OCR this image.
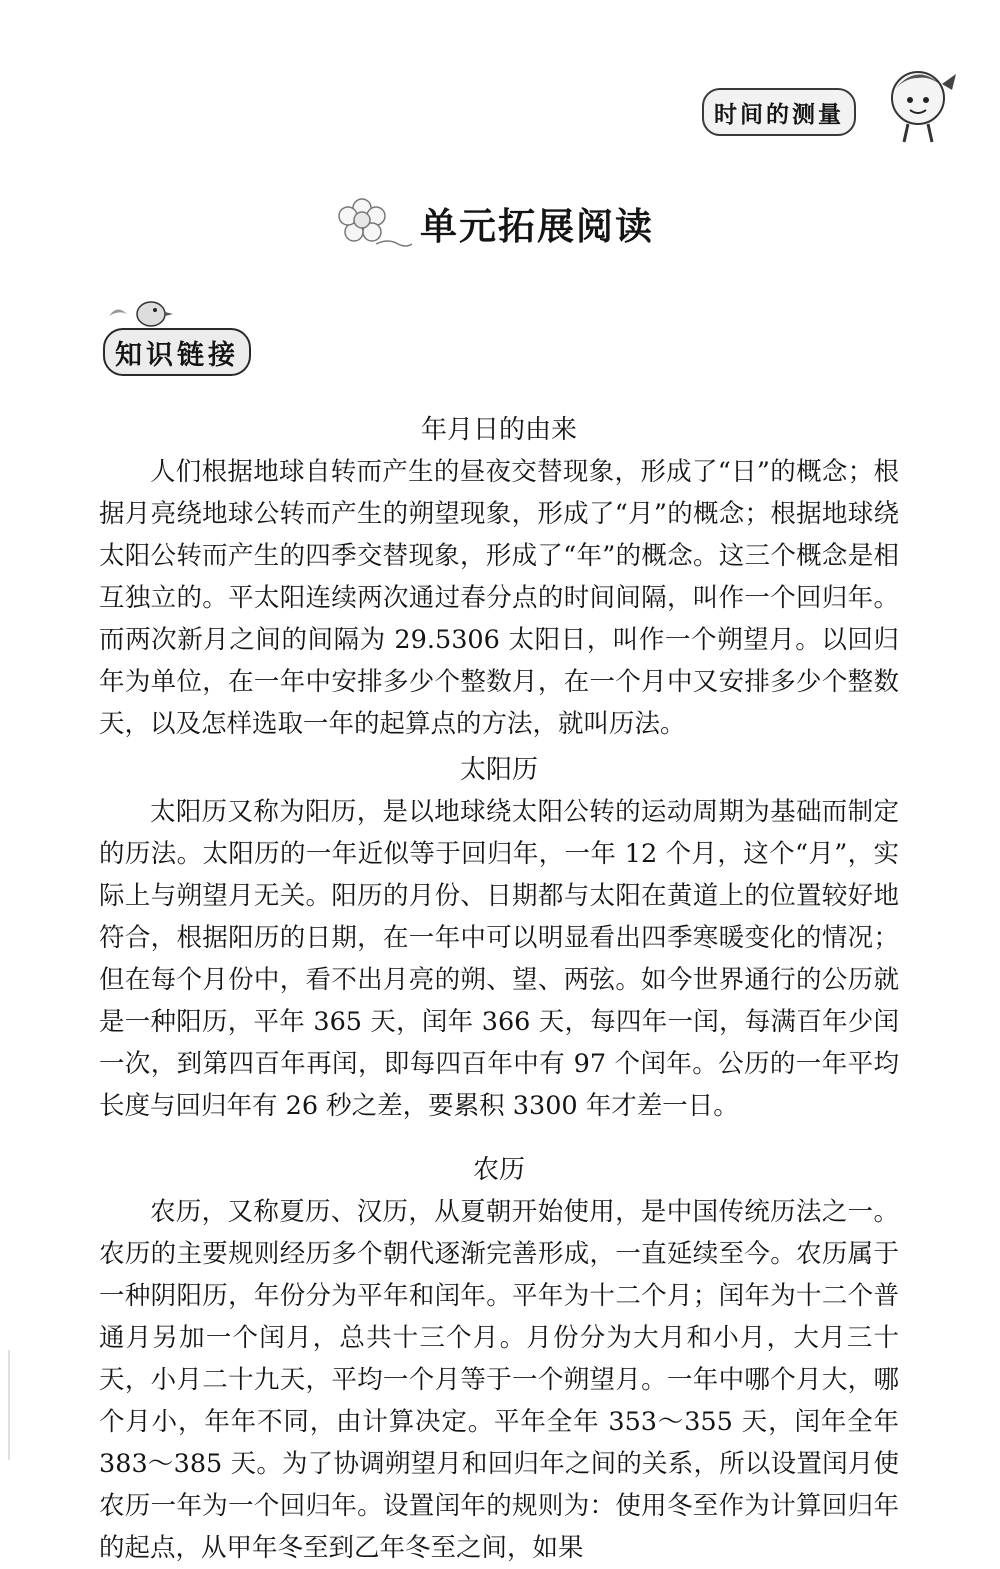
时间的测量
单元拓展阅读
知识链接
年月日的由来

人们根据地球自转而产生的昼夜交替现象，形成了“日”的概念；根据月亮绕地球公转而产生的朔望现象，形成了“月”的概念；根据地球绕太阳公转而产生的四季交替现象，形成了“年”的概念。这三个概念是相互独立的。平太阳连续两次通过春分点的时间间隔，叫作一个回归年。而两次新月之间的间隔为 29.5306 太阳日，叫作一个朔望月。以回归年为单位，在一年中安排多少个整数月，在一个月中又安排多少个整数天，以及怎样选取一年的起算点的方法，就叫历法。

太阳历

太阳历又称为阳历，是以地球绕太阳公转的运动周期为基础而制定的历法。太阳历的一年近似等于回归年，一年 12 个月，这个“月”，实际上与朔望月无关。阳历的月份、日期都与太阳在黄道上的位置较好地符合，根据阳历的日期，在一年中可以明显看出四季寒暖变化的情况；但在每个月份中，看不出月亮的朔、望、两弦。如今世界通行的公历就是一种阳历，平年 365 天，闰年 366 天，每四年一闰，每满百年少闰一次，到第四百年再闰，即每四百年中有 97 个闰年。公历的一年平均长度与回归年有 26 秒之差，要累积 3300 年才差一日。

农历

农历，又称夏历、汉历，从夏朝开始使用，是中国传统历法之一。农历的主要规则经历多个朝代逐渐完善形成，一直延续至今。农历属于一种阴阳历，年份分为平年和闰年。平年为十二个月；闰年为十二个普通月另加一个闰月，总共十三个月。月份分为大月和小月，大月三十天，小月二十九天，平均一个月等于一个朔望月。一年中哪个月大，哪个月小，年年不同，由计算决定。平年全年 353～355 天，闰年全年 383～385 天。为了协调朔望月和回归年之间的关系，所以设置闰月使农历一年为一个回归年。设置闰年的规则为：使用冬至作为计算回归年的起点，从甲年冬至到乙年冬至之间，如果
